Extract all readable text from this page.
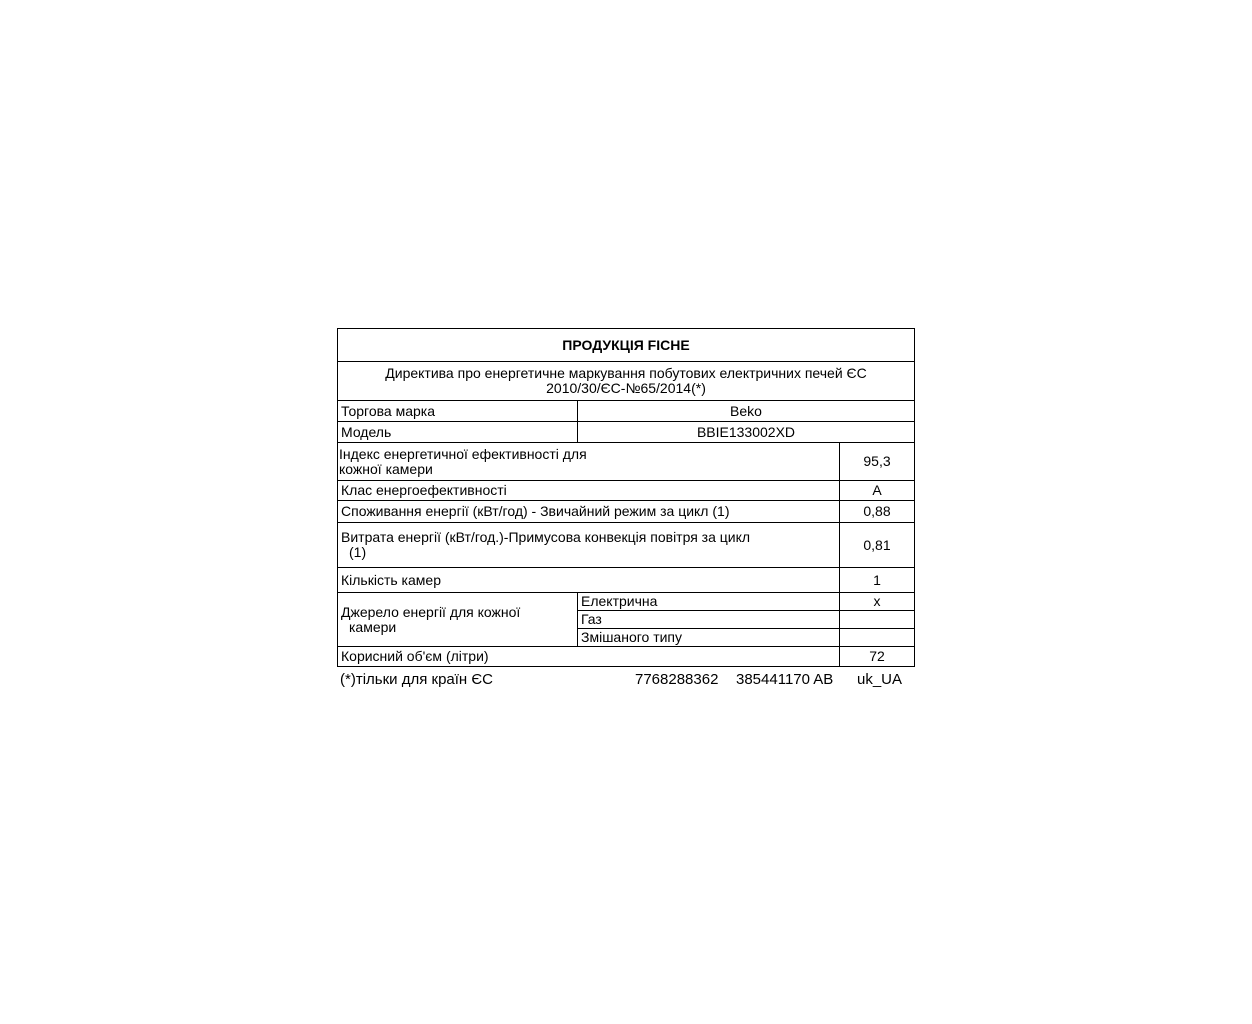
ПРОДУКЦІЯ FICHE		

Директива про енергетичне маркування побутових електричних печей ЄС
2010/30/ЄС-№65/2014(*)		

Торгова марка	Beko	
Модель	BBIE133002XD	

Індекс енергетичної ефективності для
кожної камери		95,3
Клас енергоефективності		A
Споживання енергії (кВт/год) - Звичайний режим за цикл (1)		0,88

Витрата енергії (кВт/год.)-Примусова конвекція повітря за цикл
(1)		0,81
Кількість камер		1

Джерело енергії для кожної
камери	Електрична	x
	Газ	
	Змішаного типу	
Корисний об'єм (літри)		72
(*)тільки для країн ЄС	7768288362 385441170 AB uk_UA
